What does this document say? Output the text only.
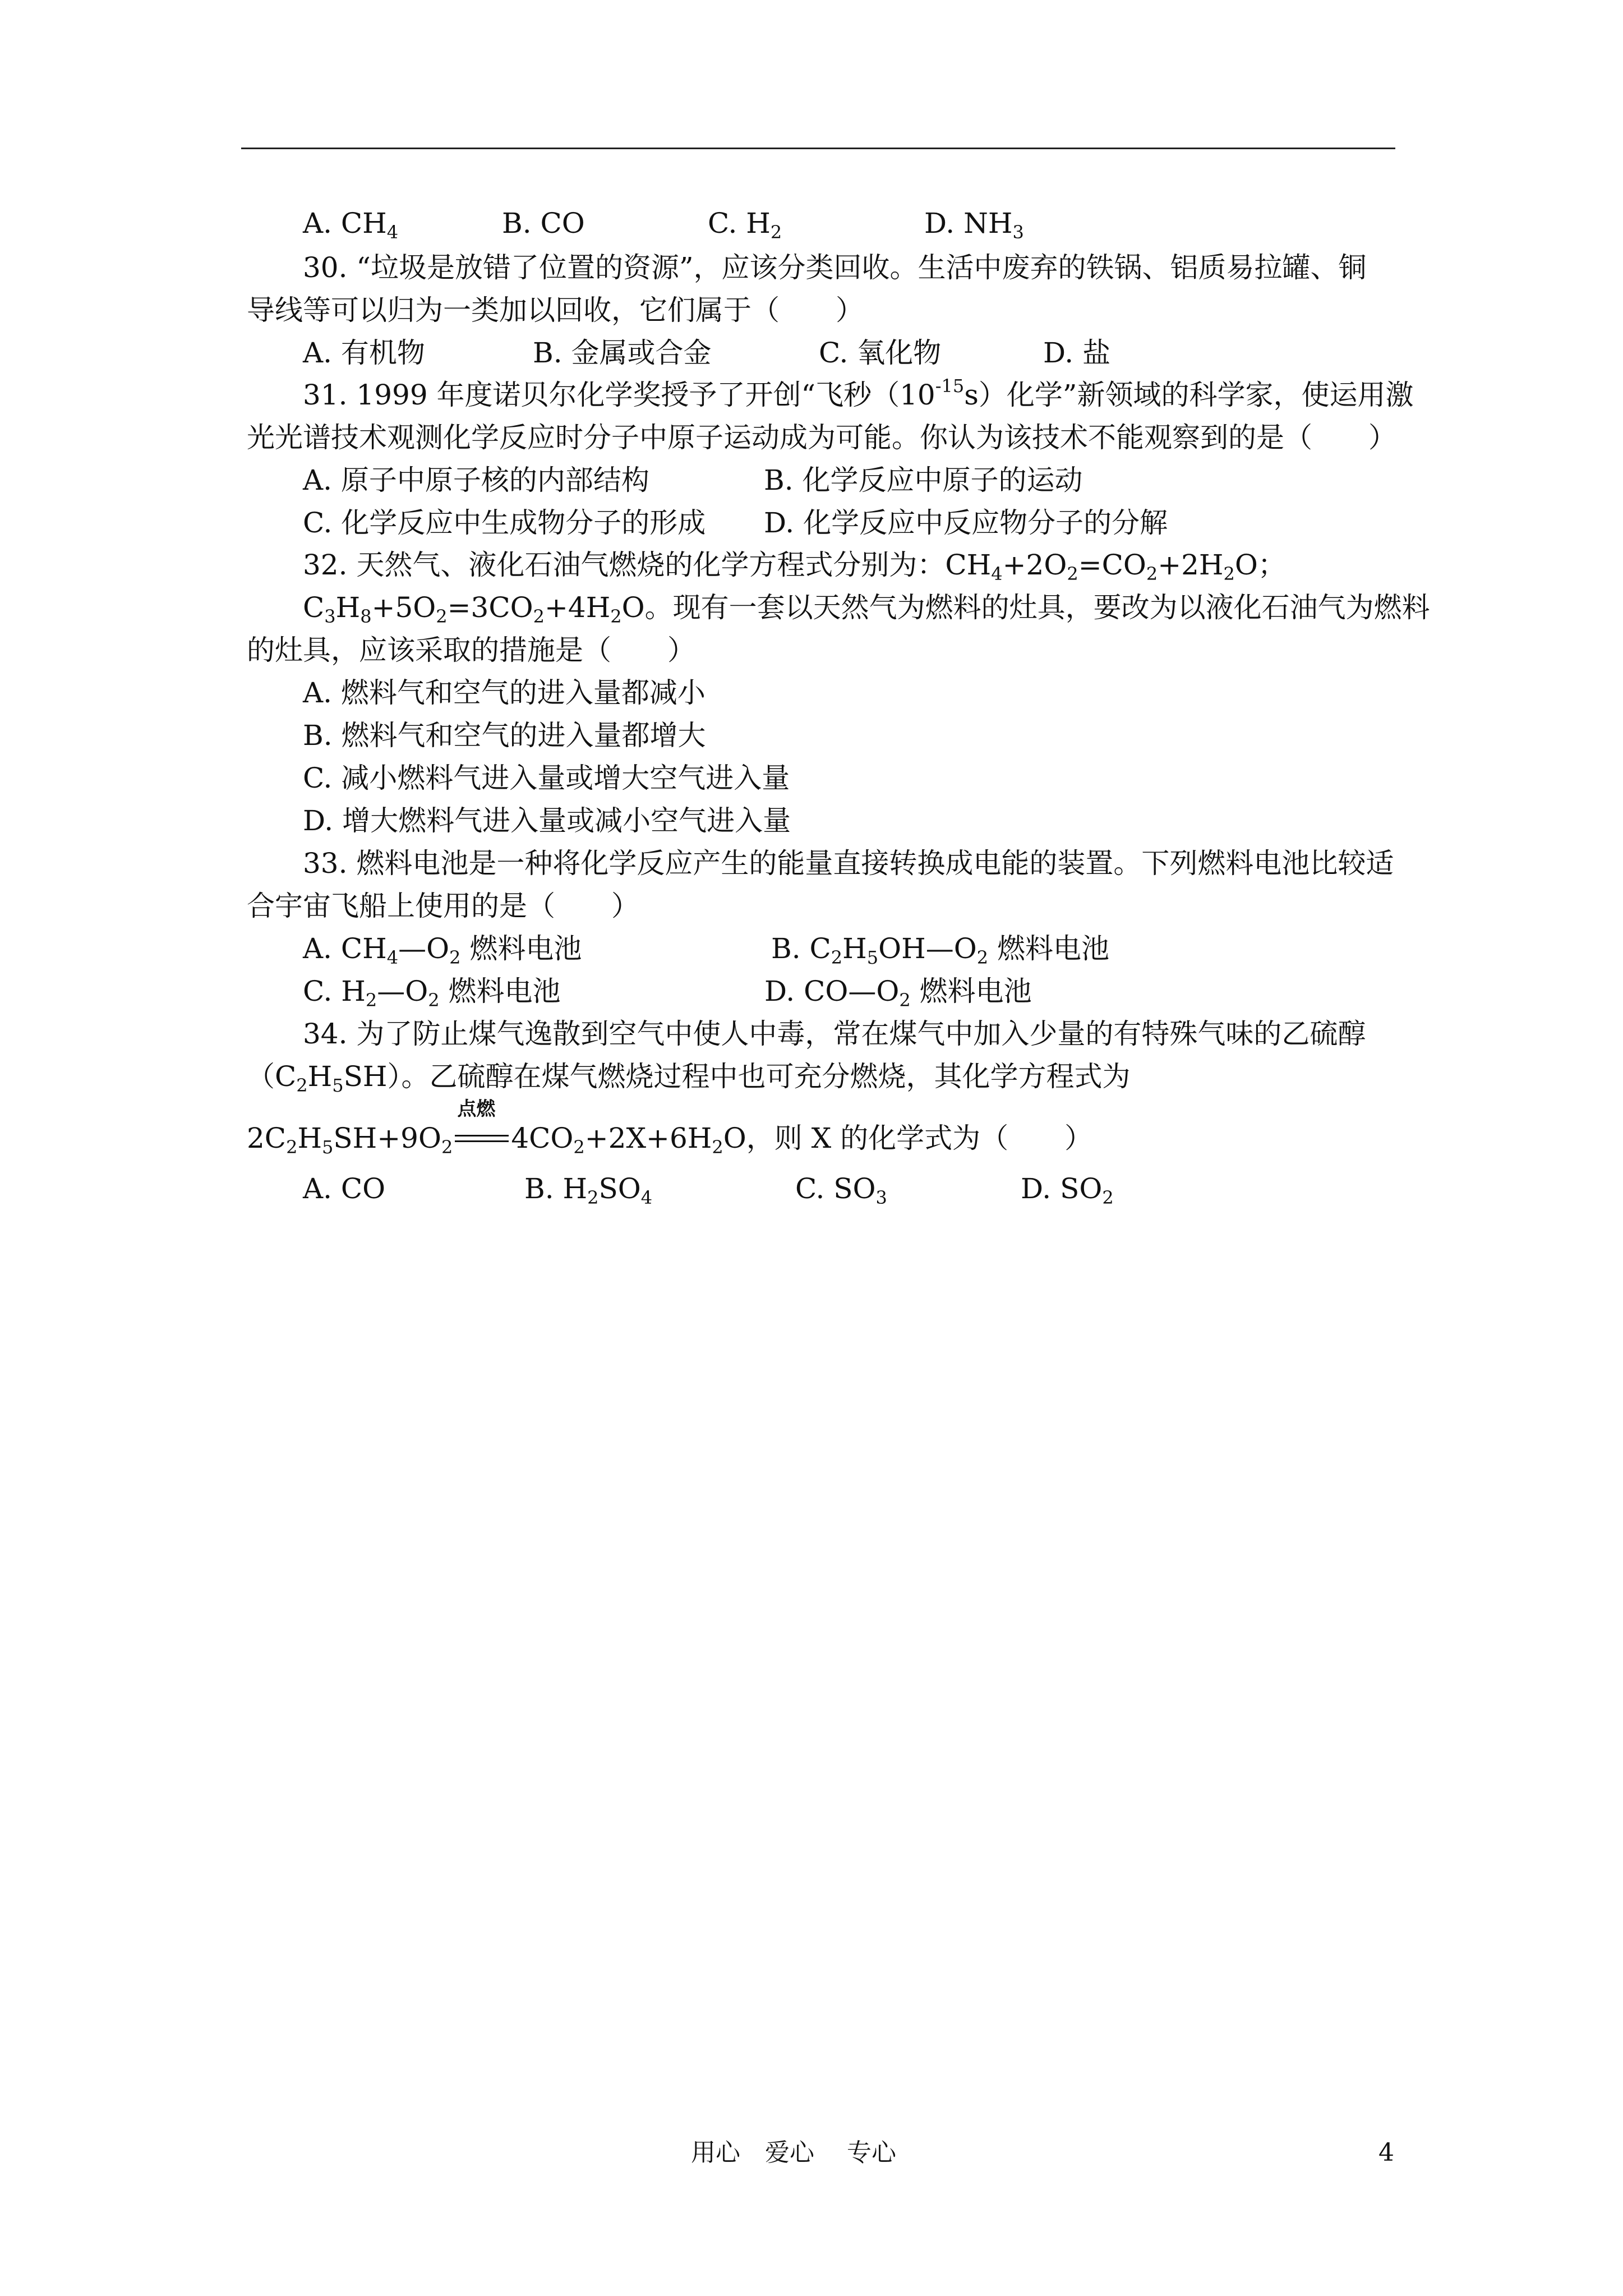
A. $CH_4$	B. CO	C. $H_2$	D. $NH_3$
30. “垃圾是放错了位置的资源”，应该分类回收。生活中废弃的铁锅、铝质易拉罐、铜
导线等可以归为一类加以回收，它们属于（　　）
A. 有机物	B. 金属或合金	C. 氧化物	D. 盐
31. 1999 年度诺贝尔化学奖授予了开创“飞秒$(10^{-15}s)$化学”新领域的科学家，使运用激
光光谱技术观测化学反应时分子中原子运动成为可能。你认为该技术不能观察到的是（　　）
A. 原子中原子核的内部结构	B. 化学反应中原子的运动
C. 化学反应中生成物分子的形成 D. 化学反应中反应物分子的分解
32. 天然气、液化石油气燃烧的化学方程式分别为：$CH_4+2O_2=CO_2+2H_2O$；
$C_3H_8+5O_2=3CO_2+4H_2O$。现有一套以天然气为燃料的灶具，要改为以液化石油气为燃料
的灶具，应该采取的措施是（　　）
A. 燃料气和空气的进入量都减小
B. 燃料气和空气的进入量都增大
C. 减小燃料气进入量或增大空气进入量
D. 增大燃料气进入量或减小空气进入量
33. 燃料电池是一种将化学反应产生的能量直接转换成电能的装置。下列燃料电池比较适
合宇宙飞船上使用的是（　　）
A. $CH_4—O_2$ 燃料电池	B. $C_2H_5OH—O_2$ 燃料电池
C. $H_2—O_2$ 燃料电池	D. $CO—O_2$ 燃料电池
34. 为了防止煤气逸散到空气中使人中毒，常在煤气中加入少量的有特殊气味的乙硫醇
$(C_2H_5SH)$。乙硫醇在煤气燃烧过程中也可充分燃烧，其化学方程式为
$2C_2H_5SH+9O_2$
点燃
$4CO_2+2X+6H_2O$，则 X 的化学式为（　　）
A. CO	B. $H_2SO_4$	C. $SO_3$	D. $SO_2$
用心　爱心　 专心	4
